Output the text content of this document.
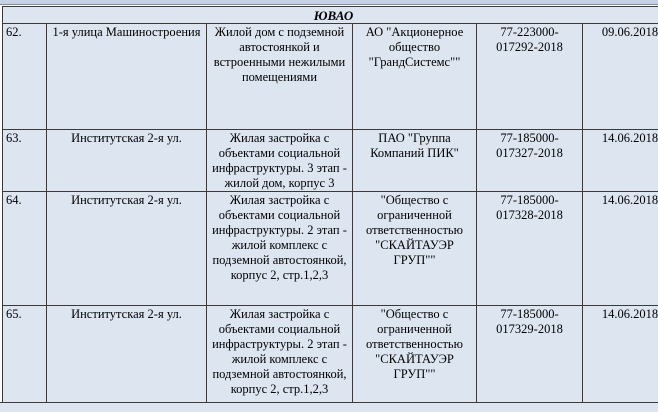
ЮВАО					
62.	1-я улица Машиностроения	Жилой дом с подземной автостоянкой и встроенными нежилыми помещениями	АО "Акционерное общество "ГрандСистемс""	77-223000-017292-2018	09.06.2018
63.	Институтская 2-я ул.	Жилая застройка с объектами социальной инфраструктуры. 3 этап - жилой дом, корпус 3	ПАО "Группа Компаний ПИК"	77-185000-017327-2018	14.06.2018
64.	Институтская 2-я ул.	Жилая застройка с объектами социальной инфраструктуры. 2 этап - жилой комплекс с подземной автостоянкой, корпус 2, стр.1,2,3	"Общество с ограниченной ответственностью "СКАЙТАУЭР ГРУП""	77-185000-017328-2018	14.06.2018
65.	Институтская 2-я ул.	Жилая застройка с объектами социальной инфраструктуры. 2 этап - жилой комплекс с подземной автостоянкой, корпус 2, стр.1,2,3	"Общество с ограниченной ответственностью "СКАЙТАУЭР ГРУП""	77-185000-017329-2018	14.06.2018
